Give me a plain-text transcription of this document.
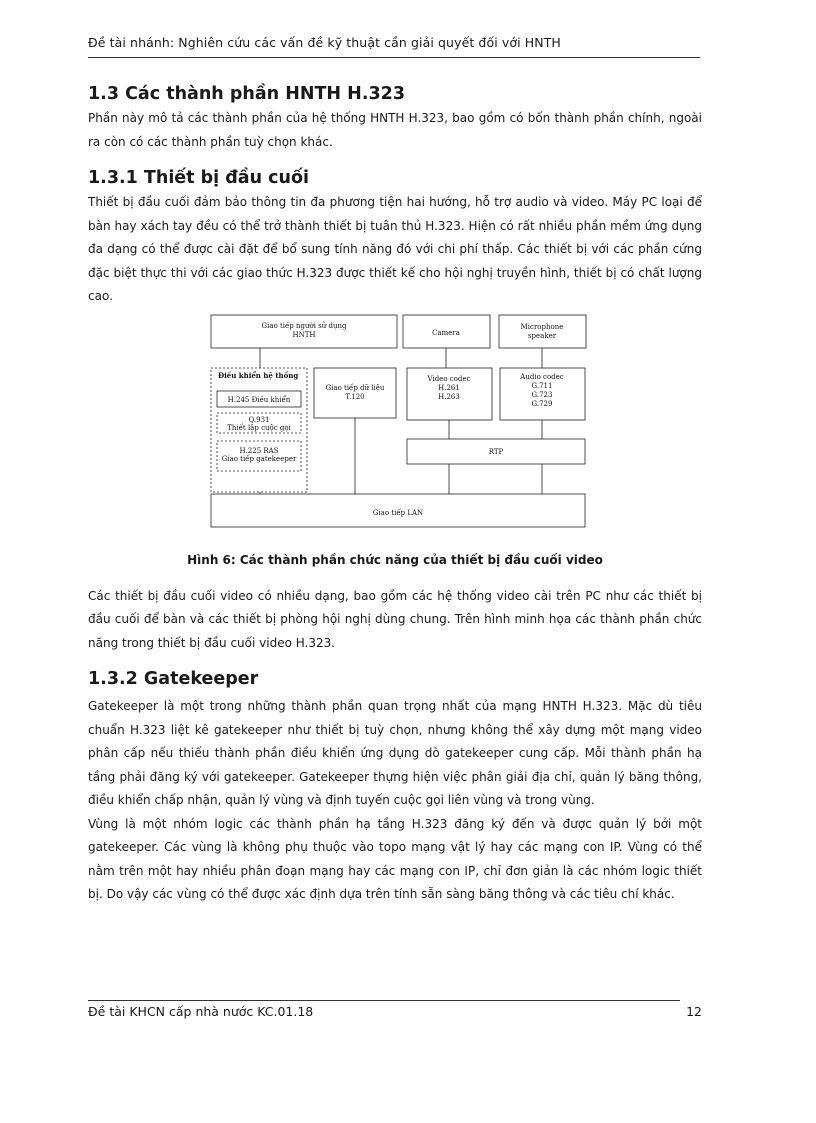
Đề tài nhánh: Nghiên cứu các vấn đề kỹ thuật cần giải quyết đối với HNTH
1.3 Các thành phần HNTH H.323

Phần này mô tả các thành phần của hệ thống HNTH H.323, bao gồm có bốn thành phần chính, ngoài ra còn có các thành phần tuỳ chọn khác.

1.3.1 Thiết bị đầu cuối

Thiết bị đầu cuối đảm bảo thông tin đa phương tiện hai hướng, hỗ trợ audio và video. Máy PC loại để bàn hay xách tay đều có thể trở thành thiết bị tuân thủ H.323. Hiện có rất nhiều phần mềm ứng dụng đa dạng có thể được cài đặt để bổ sung tính năng đó với chi phí thấp. Các thiết bị với các phần cứng đặc biệt thực thi với các giao thức H.323 được thiết kế cho hội nghị truyền hình, thiết bị có chất lượng cao.

Giao tiếp người sử dụng
HNTH	Camera
Microphone
speaker
Điều khiển hệ thống
H.245 Điều khiển
Q.931
Thiết lập cuộc gọi
H.225 RAS
Giao tiếp gatekeeper
Giao tiếp dữ liệu
T.120
Video codec
H.261
H.263
Audio codec
G.711
G.723
G.729
RTP
Giao tiếp LAN
Hình 6: Các thành phần chức năng của thiết bị đầu cuối video

Các thiết bị đầu cuối video có nhiều dạng, bao gồm các hệ thống video cài trên PC như các thiết bị đầu cuối để bàn và các thiết bị phòng hội nghị dùng chung. Trên hình minh họa các thành phần chức năng trong thiết bị đầu cuối video H.323.

1.3.2 Gatekeeper

Gatekeeper là một trong những thành phần quan trọng nhất của mạng HNTH H.323. Mặc dù tiêu chuẩn H.323 liệt kê gatekeeper như thiết bị tuỳ chọn, nhưng không thể xây dựng một mạng video phân cấp nếu thiếu thành phần điều khiển ứng dụng dò gatekeeper cung cấp. Mỗi thành phần hạ tầng phải đăng ký với gatekeeper. Gatekeeper thựng hiện việc phân giải địa chỉ, quản lý băng thông, điều khiển chấp nhận, quản lý vùng và định tuyến cuộc gọi liên vùng và trong vùng.

Vùng là một nhóm logic các thành phần hạ tầng H.323 đăng ký đến và được quản lý bởi một gatekeeper. Các vùng là không phụ thuộc vào topo mạng vật lý hay các mạng con IP. Vùng có thể nằm trên một hay nhiều phân đoạn mạng hay các mạng con IP, chỉ đơn giản là các nhóm logic thiết bị. Do vậy các vùng có thể được xác định dựa trên tính sẵn sàng băng thông và các tiêu chí khác.

Đề tài KHCN cấp nhà nước KC.01.18	12
